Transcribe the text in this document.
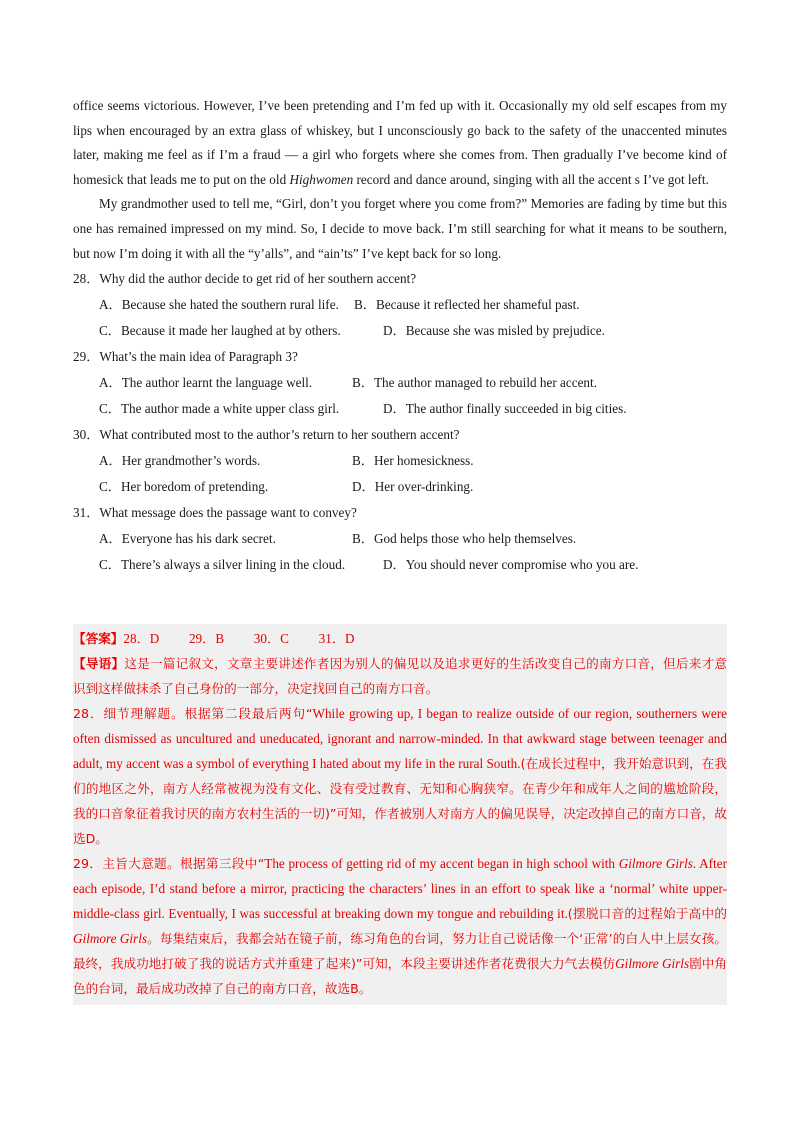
office seems victorious. However, I’ve been pretending and I’m fed up with it. Occasionally my old self escapes from my lips when encouraged by an extra glass of whiskey, but I unconsciously go back to the safety of the unaccented minutes later, making me feel as if I’m a fraud — a girl who forgets where she comes from. Then gradually I’ve become kind of homesick that leads me to put on the old Highwomen record and dance around, singing with all the accent s I’ve got left.

My grandmother used to tell me, “Girl, don’t you forget where you come from?” Memories are fading by time but this one has remained impressed on my mind. So, I decide to move back. I’m still searching for what it means to be southern, but now I’m doing it with all the “y’alls”, and “ain’ts” I’ve kept back for so long.

28．Why did the author decide to get rid of her southern accent?

A．Because she hated the southern rural life.	B．Because it reflected her shameful past.
C．Because it made her laughed at by others.	D．Because she was misled by prejudice.

29．What’s the main idea of Paragraph 3?

A．The author learnt the language well.	B．The author managed to rebuild her accent.
C．The author made a white upper class girl.	D．The author finally succeeded in big cities.

30．What contributed most to the author’s return to her southern accent?

A．Her grandmother’s words.	B．Her homesickness.
C．Her boredom of pretending.	D．Her over-drinking.

31．What message does the passage want to convey?

A．Everyone has his dark secret.	B．God helps those who help themselves.
C．There’s always a silver lining in the cloud.	D．You should never compromise who you are.

【答案】28．D　　 29．B　　 30．C　　 31．D

【导语】这是一篇记叙文，文章主要讲述作者因为别人的偏见以及追求更好的生活改变自己的南方口音，但后来才意识到这样做抹杀了自己身份的一部分，决定找回自己的南方口音。

28．细节理解题。根据第二段最后两句“While growing up, I began to realize outside of our region, southerners were often dismissed as uncultured and uneducated, ignorant and narrow-minded. In that awkward stage between teenager and adult, my accent was a symbol of everything I hated about my life in the rural South.(在成长过程中，我开始意识到，在我们的地区之外，南方人经常被视为没有文化、没有受过教育、无知和心胸狭窄。在青少年和成年人之间的尴尬阶段，我的口音象征着我讨厌的南方农村生活的一切)”可知，作者被别人对南方人的偏见误导，决定改掉自己的南方口音，故选D。

29．主旨大意题。根据第三段中“The process of getting rid of my accent began in high school with Gilmore Girls. After each episode, I’d stand before a mirror, practicing the characters’ lines in an effort to speak like a ‘normal’ white upper-middle-class girl. Eventually, I was successful at breaking down my tongue and rebuilding it.(摆脱口音的过程始于高中的Gilmore Girls。每集结束后，我都会站在镜子前，练习角色的台词，努力让自己说话像一个‘正常’的白人中上层女孩。最终，我成功地打破了我的说话方式并重建了起来)”可知，本段主要讲述作者花费很大力气去模仿Gilmore Girls剧中角色的台词，最后成功改掉了自己的南方口音，故选B。
